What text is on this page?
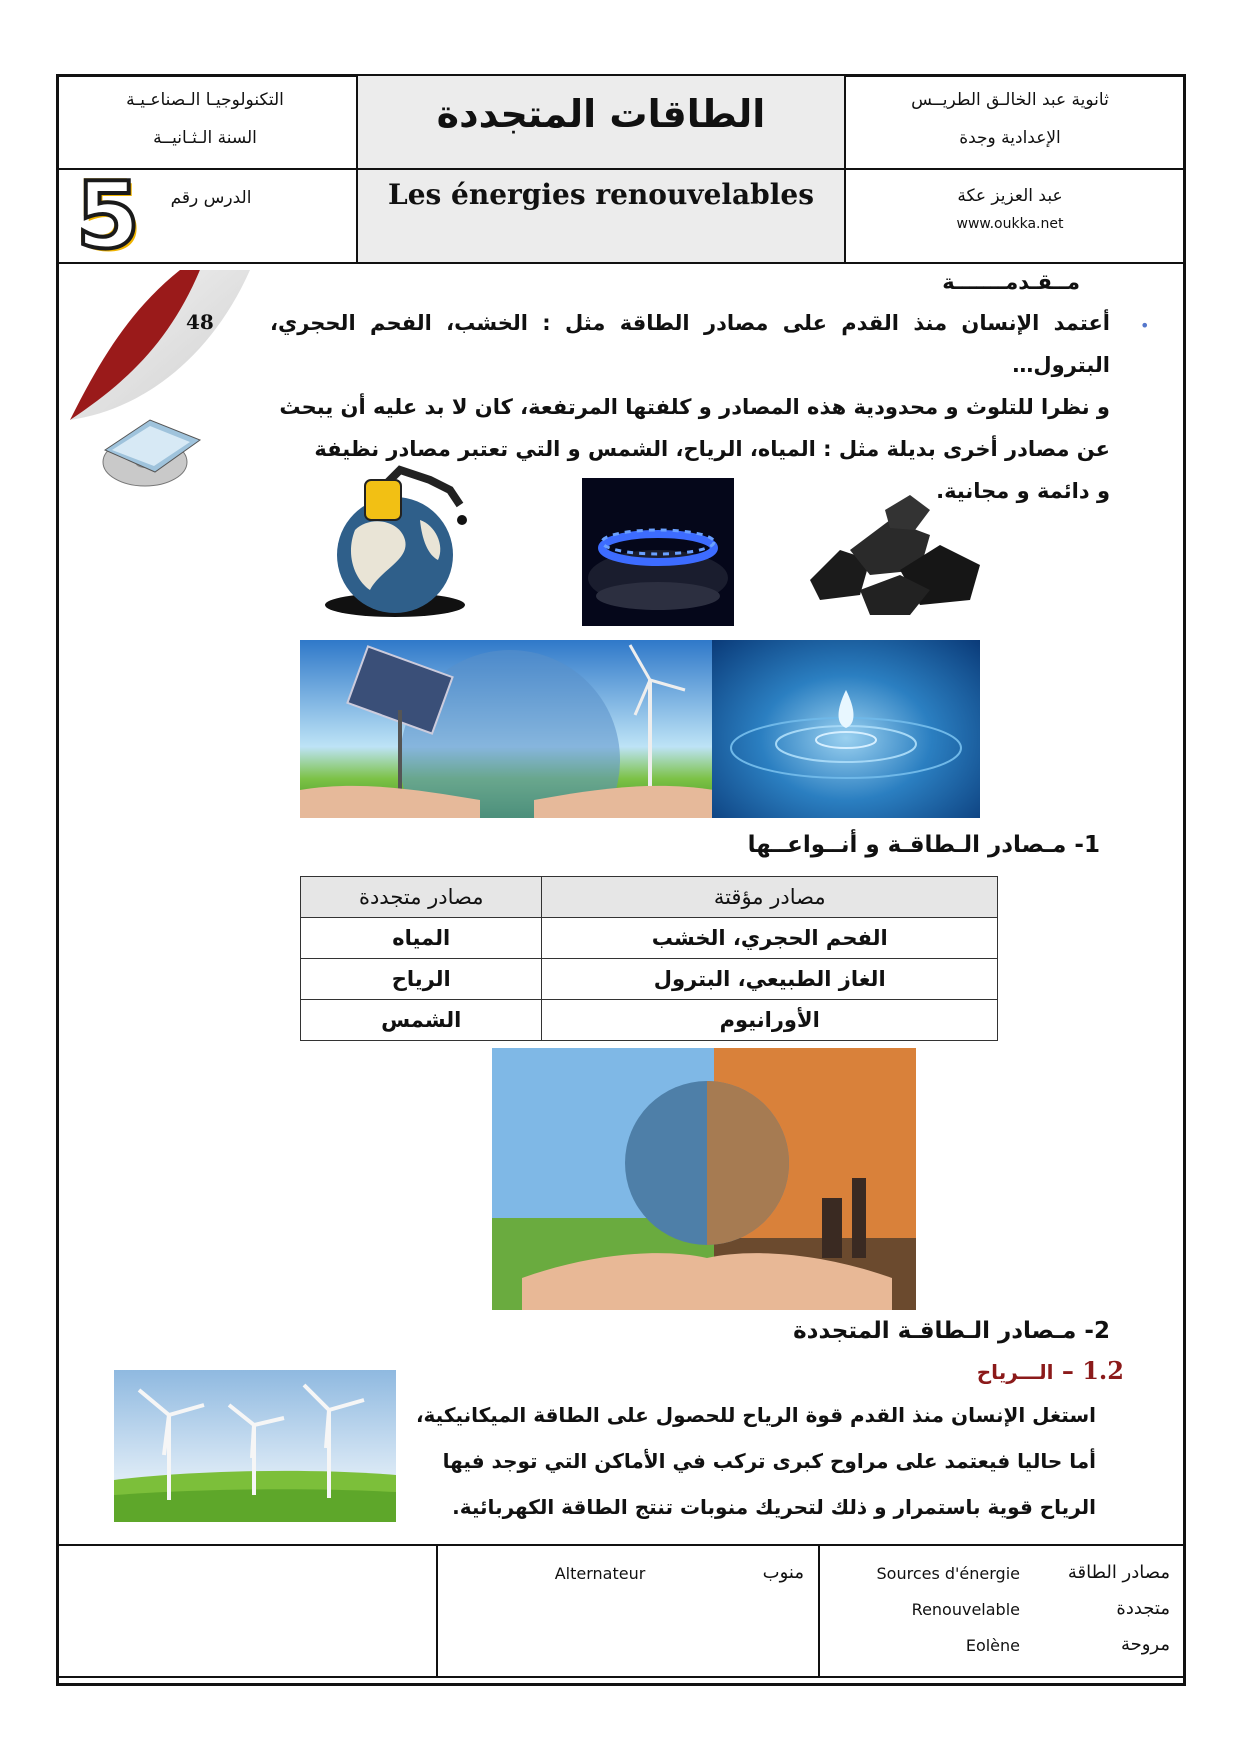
التكنولوجيـا الـصناعـيـة
السنة الـثـانيــة
الطاقات المتجددة	ثانوية عبد الخالـق الطريــس
الإعدادية وجدة
5	الدرس رقم	Les énergies renouvelables	عبد العزيز عكة
www.oukka.net
48
مــقـدمـــــــة
•
أعتمد الإنسان منذ القدم على مصادر الطاقة مثل : الخشب، الفحم الحجري، البترول…
و نظرا للتلوث و محدودية هذه المصادر و كلفتها المرتفعة، كان لا بد عليه أن يبحث
عن مصادر أخرى بديلة مثل : المياه، الرياح، الشمس و التي تعتبر مصادر نظيفة
و دائمة و مجانية.
1- مـصادر الـطاقـة و أنــواعــها
مصادر متجددة	مصادر مؤقتة
المياه	الفحم الحجري، الخشب
الرياح	الغاز الطبيعي، البترول
الشمس	الأورانيوم
2- مـصادر الـطاقـة المتجددة
1.2 – الـــرياح
استغل الإنسان منذ القدم قوة الرياح للحصول على الطاقة الميكانيكية،
أما حاليا فيعتمد على مراوح كبرى تركب في الأماكن التي توجد فيها
الرياح قوية باستمرار و ذلك لتحريك منوبات تنتج الطاقة الكهربائية.
مصادر الطاقة
Sources d'énergie
متجددة
Renouvelable
مروحة
Eolène
منوب
Alternateur
